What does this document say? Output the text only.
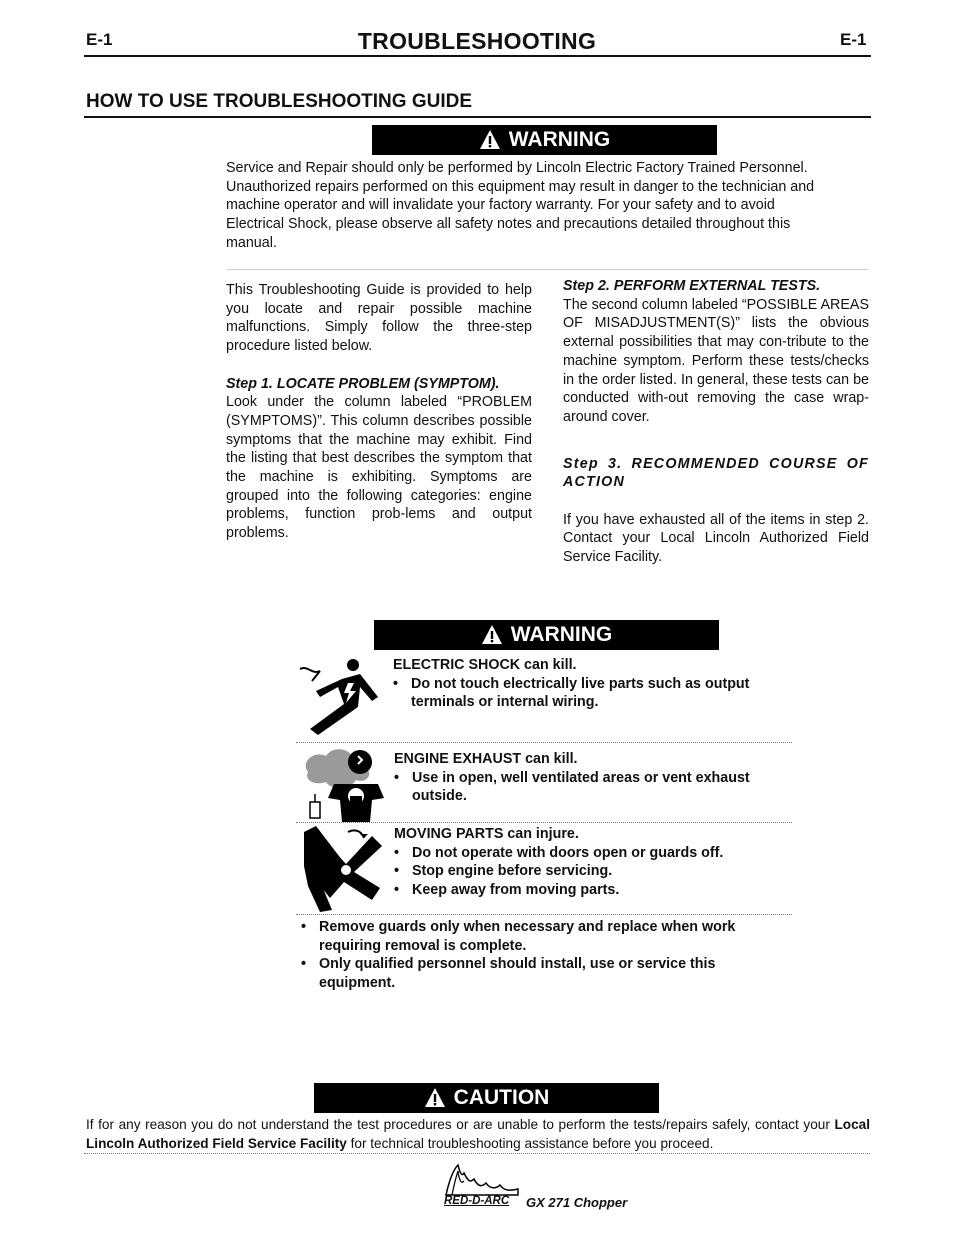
E-1	TROUBLESHOOTING	E-1
HOW TO USE TROUBLESHOOTING GUIDE
WARNING
Service and Repair should only be performed by Lincoln Electric Factory Trained Personnel.
Unauthorized repairs performed on this equipment may result in danger to the technician and
machine operator and will invalidate your factory warranty. For your safety and to avoid
Electrical Shock, please observe all safety notes and precautions detailed throughout this
manual.
This Troubleshooting Guide is provided to help you locate and repair possible machine malfunctions. Simply follow the three-step procedure listed below.
Step 1. LOCATE PROBLEM (SYMPTOM).
Look under the column labeled “PROBLEM (SYMPTOMS)”. This column describes possible symptoms that the machine may exhibit. Find the listing that best describes the symptom that the machine is exhibiting. Symptoms are grouped into the following categories: engine problems, function prob-lems and output problems.
Step 2. PERFORM EXTERNAL TESTS.
The second column labeled “POSSIBLE AREAS OF MISADJUSTMENT(S)” lists the obvious external possibilities that may con-tribute to the machine symptom. Perform these tests/checks in the order listed. In general, these tests can be conducted with-out removing the case wrap-around cover.
Step 3. RECOMMENDED COURSE OF ACTION
If you have exhausted all of the items in step 2. Contact your Local Lincoln Authorized Field Service Facility.
WARNING
ELECTRIC SHOCK can kill.
• Do not touch electrically live parts such as output terminals or internal wiring.
ENGINE EXHAUST can kill.
• Use in open, well ventilated areas or vent exhaust outside.
MOVING PARTS can injure.
• Do not operate with doors open or guards off.
• Stop engine before servicing.
• Keep away from moving parts.
• Remove guards only when necessary and replace when work requiring removal is complete.
• Only qualified personnel should install, use or service this equipment.
CAUTION
If for any reason you do not understand the test procedures or are unable to perform the tests/repairs safely, contact your Local Lincoln Authorized Field Service Facility for technical troubleshooting assistance before you proceed.
RED-D-ARC GX 271 Chopper
